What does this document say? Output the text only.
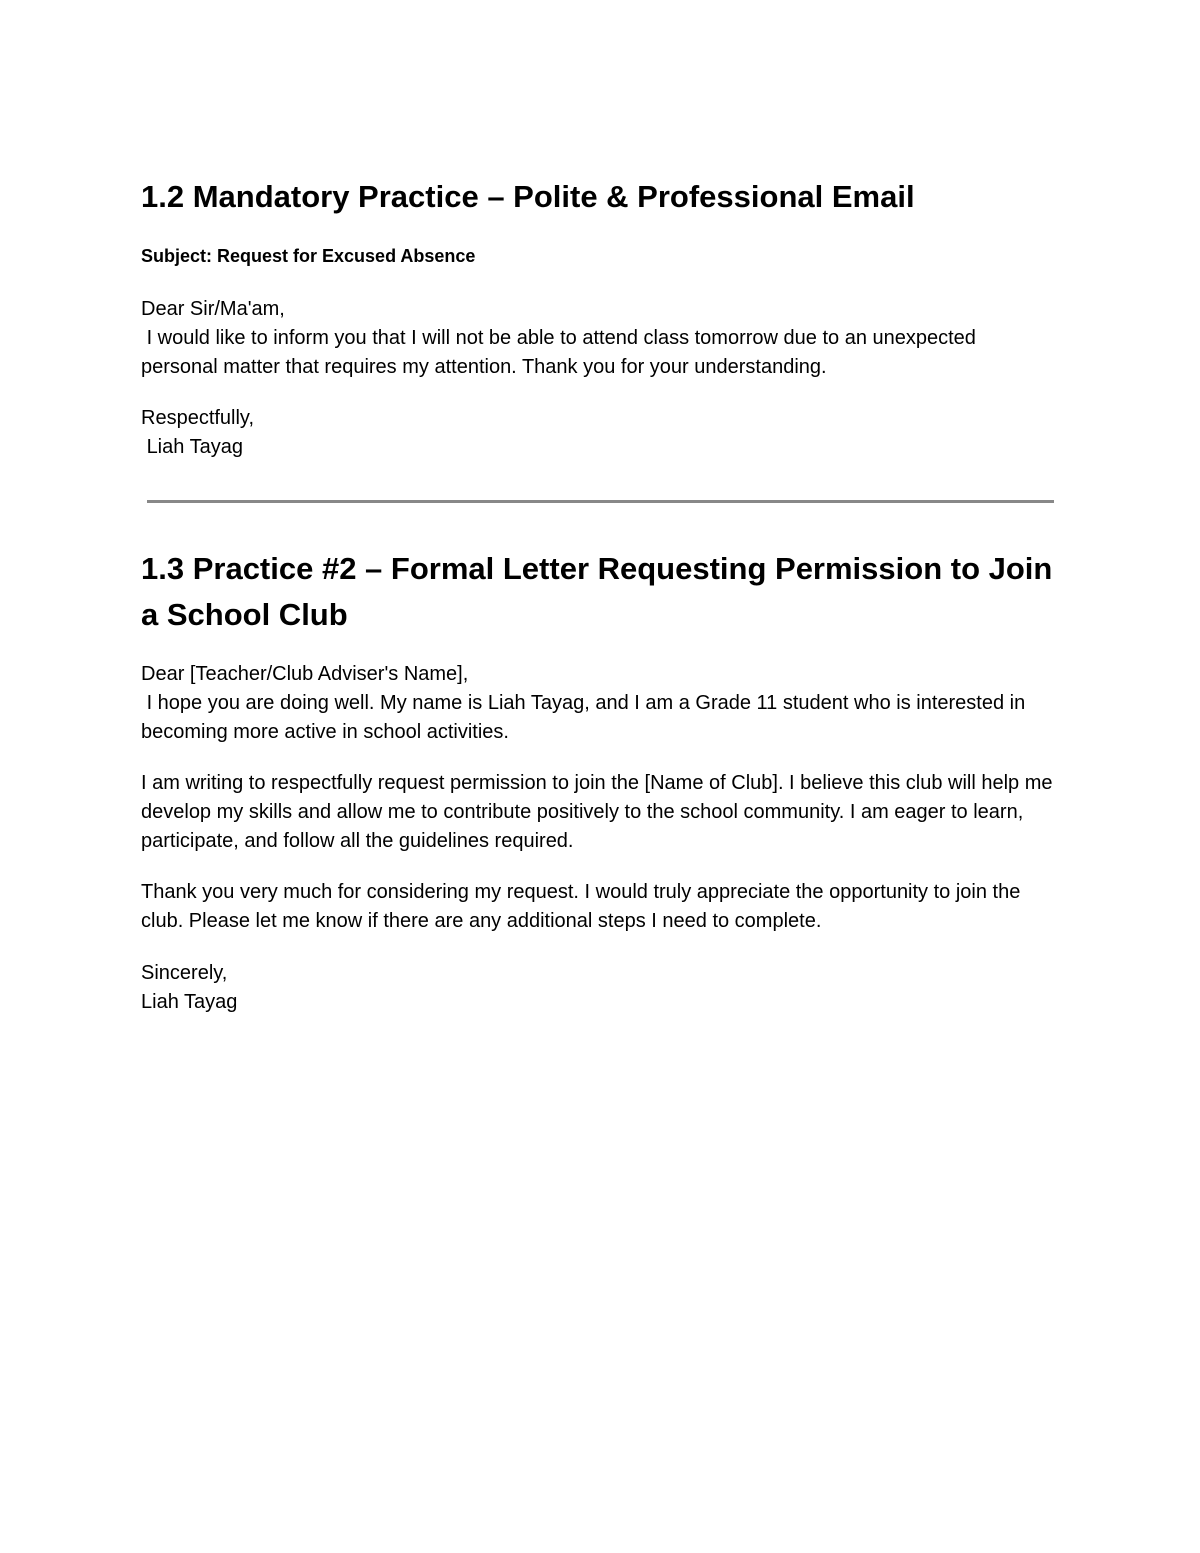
1.2 Mandatory Practice – Polite & Professional Email

Subject: Request for Excused Absence

Dear Sir/Ma'am,

I would like to inform you that I will not be able to attend class tomorrow due to an unexpected personal matter that requires my attention. Thank you for your understanding.

Respectfully,

Liah Tayag

1.3 Practice #2 – Formal Letter Requesting Permission to Join a School Club

Dear [Teacher/Club Adviser's Name],

I hope you are doing well. My name is Liah Tayag, and I am a Grade 11 student who is interested in becoming more active in school activities.

I am writing to respectfully request permission to join the [Name of Club]. I believe this club will help me develop my skills and allow me to contribute positively to the school community. I am eager to learn, participate, and follow all the guidelines required.

Thank you very much for considering my request. I would truly appreciate the opportunity to join the club. Please let me know if there are any additional steps I need to complete.

Sincerely,

Liah Tayag
